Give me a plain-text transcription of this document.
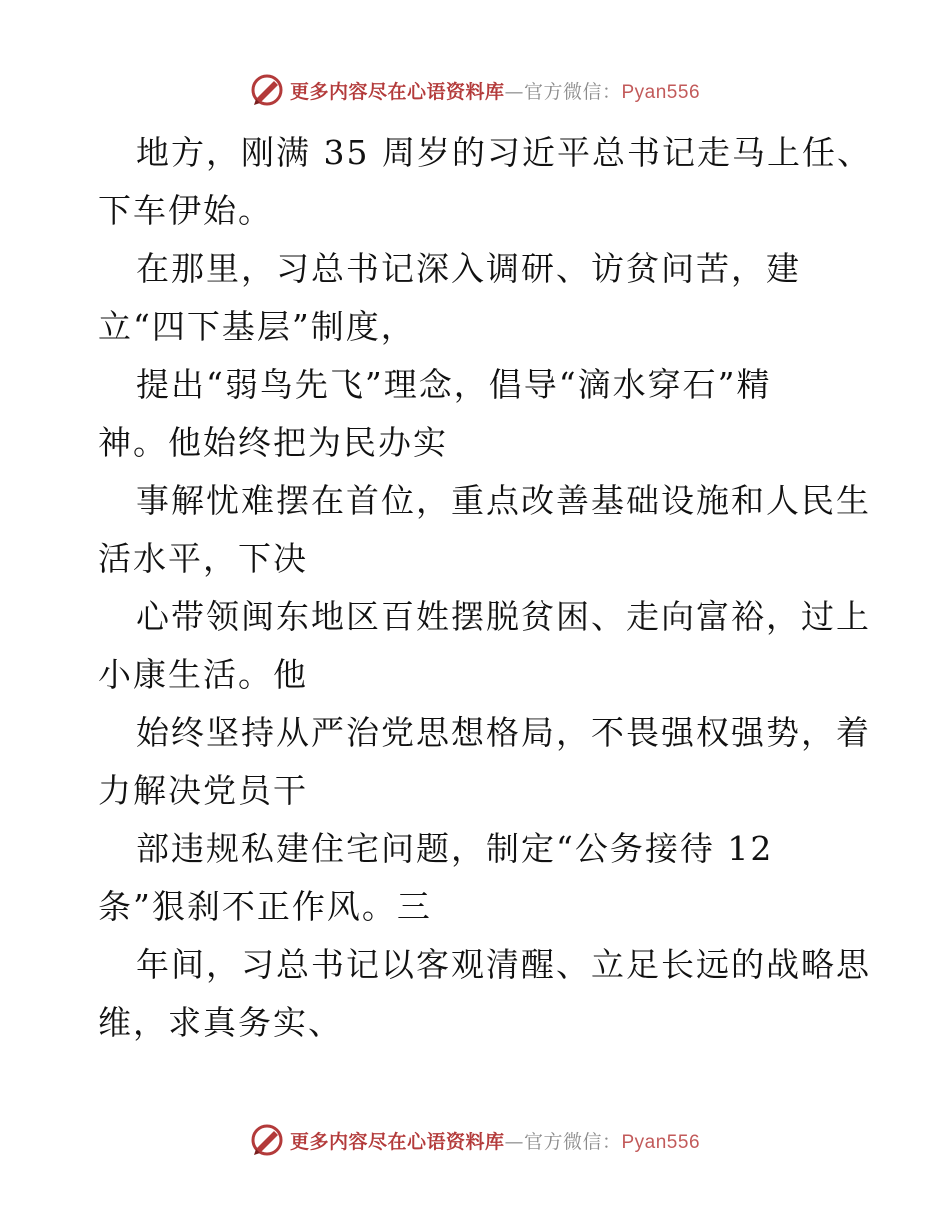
更多内容尽在心语资料库—官方微信：Pyan556
地方，刚满 35 周岁的习近平总书记走马上任、
下车伊始。
在那里，习总书记深入调研、访贫问苦，建
立“四下基层”制度，
提出“弱鸟先飞”理念，倡导“滴水穿石”精
神。他始终把为民办实
事解忧难摆在首位，重点改善基础设施和人民生
活水平，下决
心带领闽东地区百姓摆脱贫困、走向富裕，过上
小康生活。他
始终坚持从严治党思想格局，不畏强权强势，着
力解决党员干
部违规私建住宅问题，制定“公务接待 12
条”狠刹不正作风。三
年间，习总书记以客观清醒、立足长远的战略思
维，求真务实、
更多内容尽在心语资料库—官方微信：Pyan556
